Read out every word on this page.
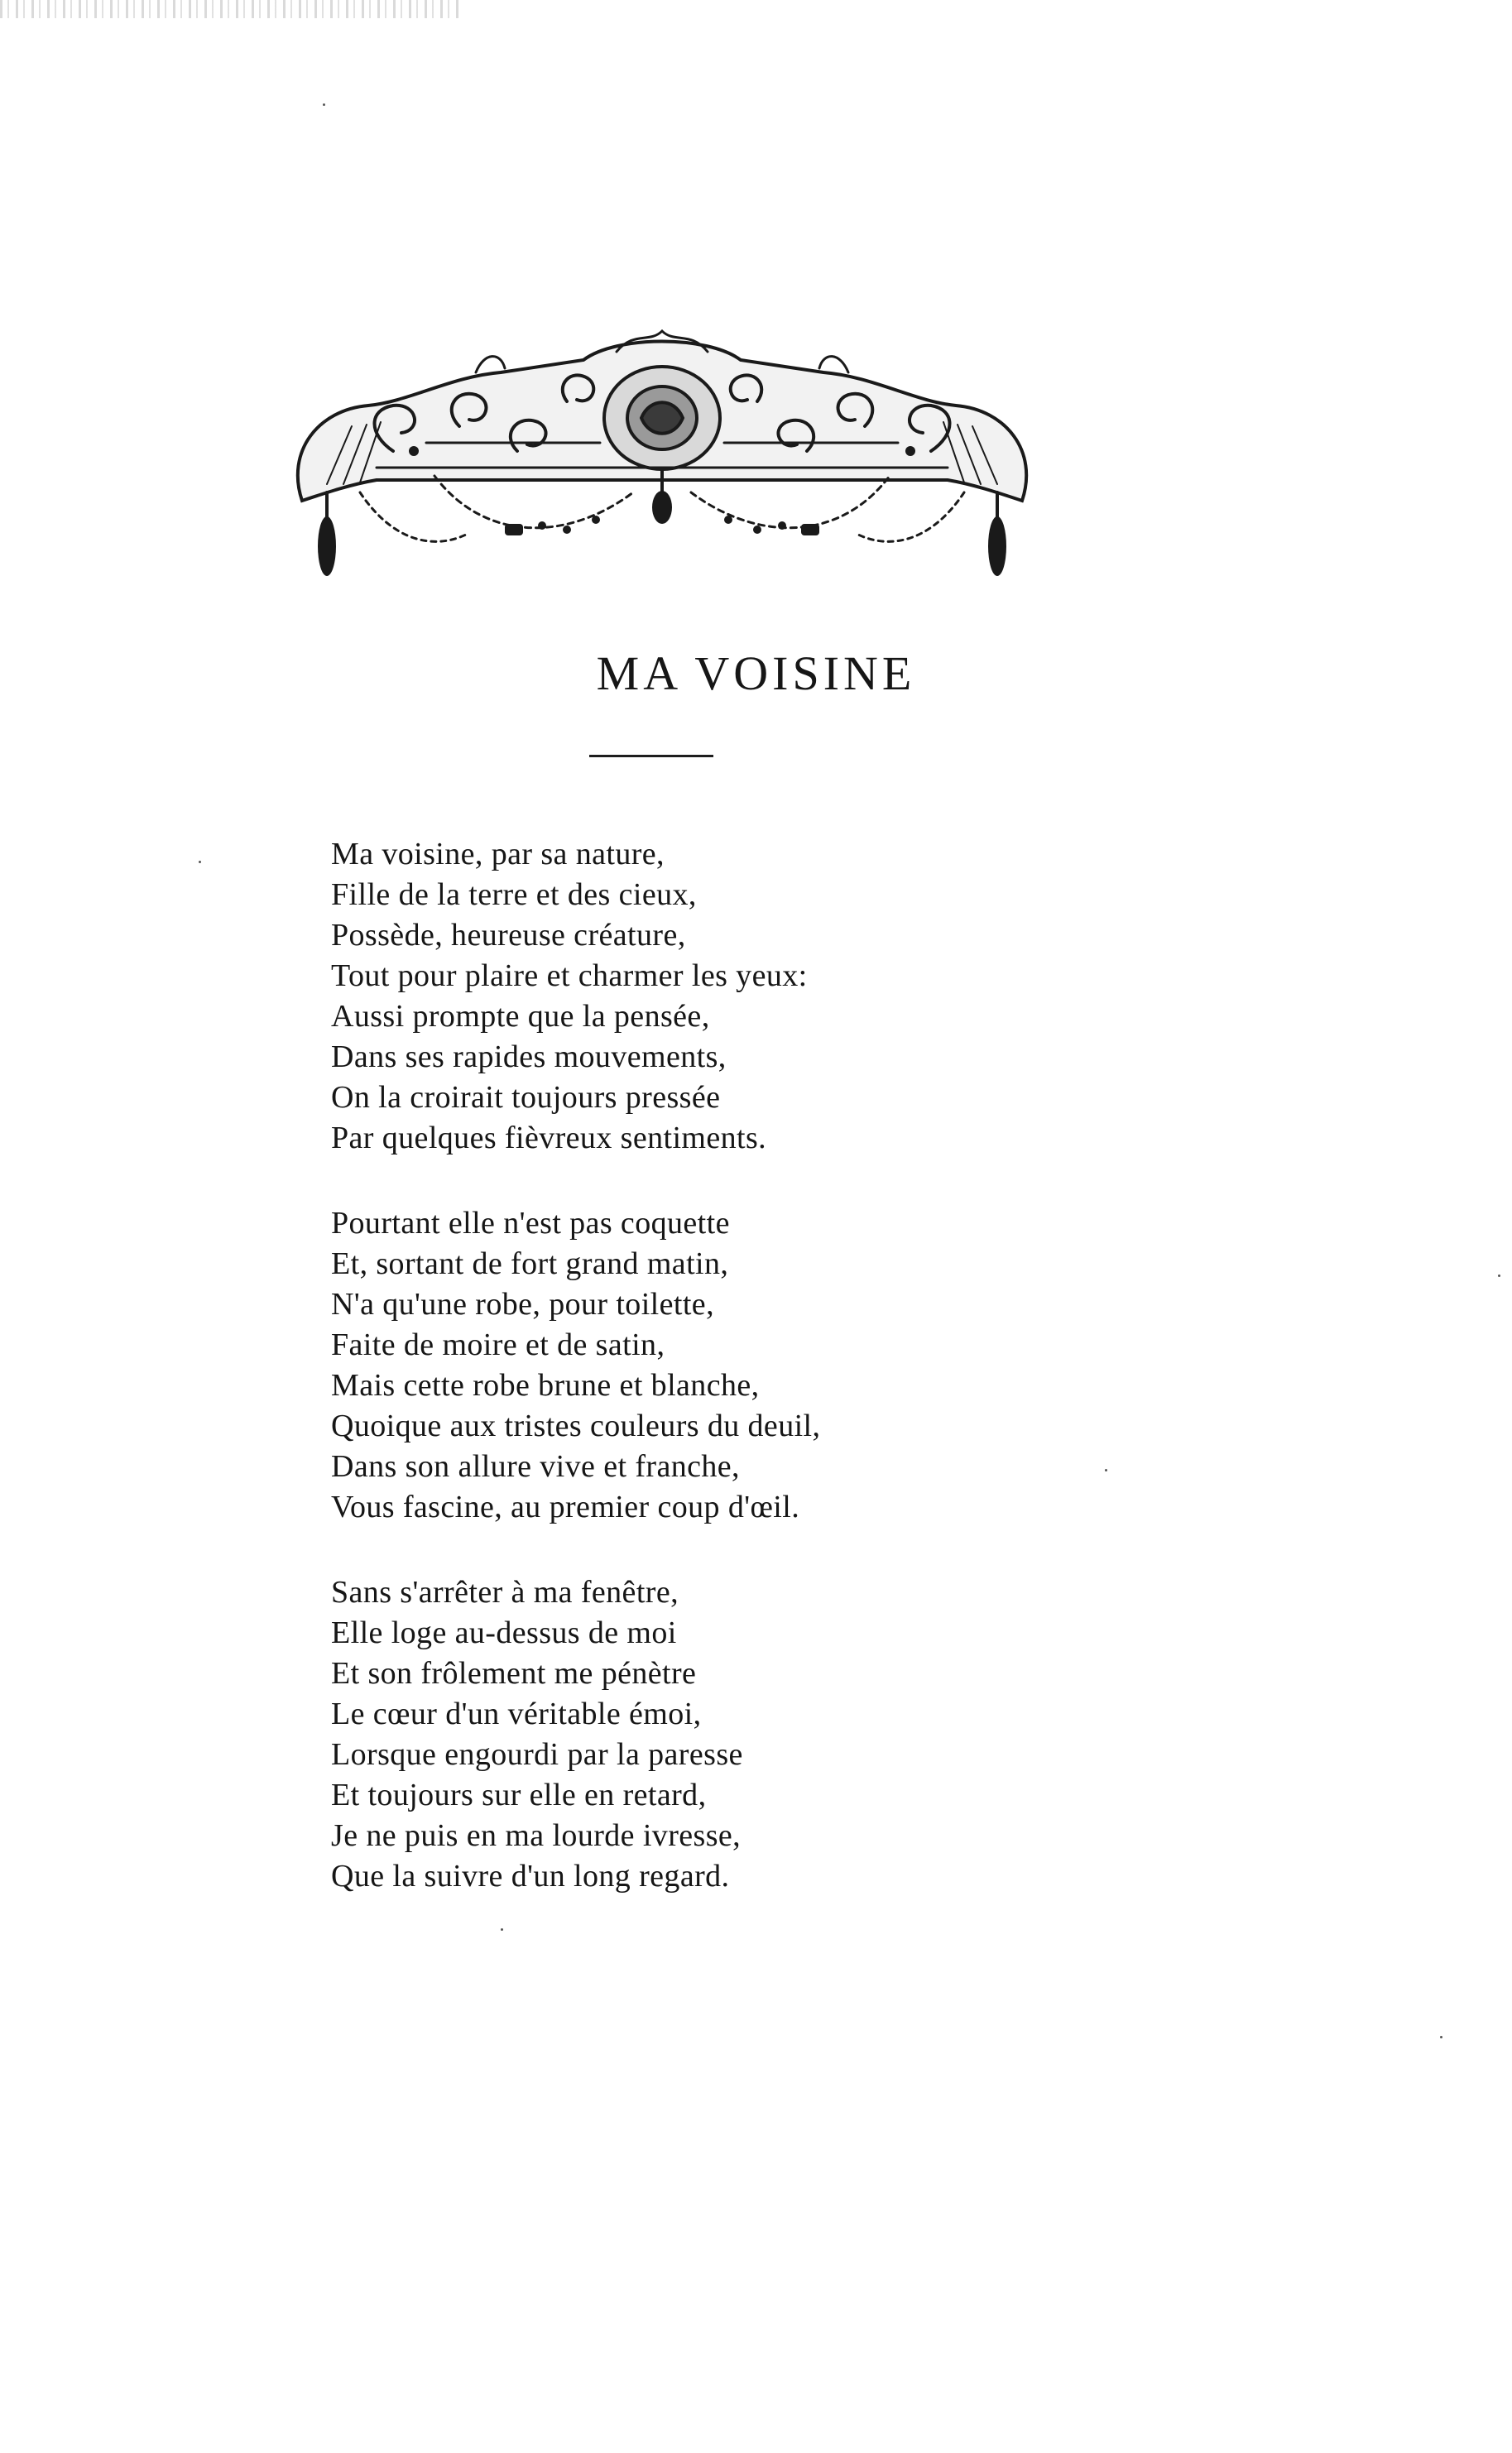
MA VOISINE
Ma voisine, par sa nature,
Fille de la terre et des cieux,
Possède, heureuse créature,
Tout pour plaire et charmer les yeux:
Aussi prompte que la pensée,
Dans ses rapides mouvements,
On la croirait toujours pressée
Par quelques fièvreux sentiments.
Pourtant elle n'est pas coquette
Et, sortant de fort grand matin,
N'a qu'une robe, pour toilette,
Faite de moire et de satin,
Mais cette robe brune et blanche,
Quoique aux tristes couleurs du deuil,
Dans son allure vive et franche,
Vous fascine, au premier coup d'œil.
Sans s'arrêter à ma fenêtre,
Elle loge au-dessus de moi
Et son frôlement me pénètre
Le cœur d'un véritable émoi,
Lorsque engourdi par la paresse
Et toujours sur elle en retard,
Je ne puis en ma lourde ivresse,
Que la suivre d'un long regard.
